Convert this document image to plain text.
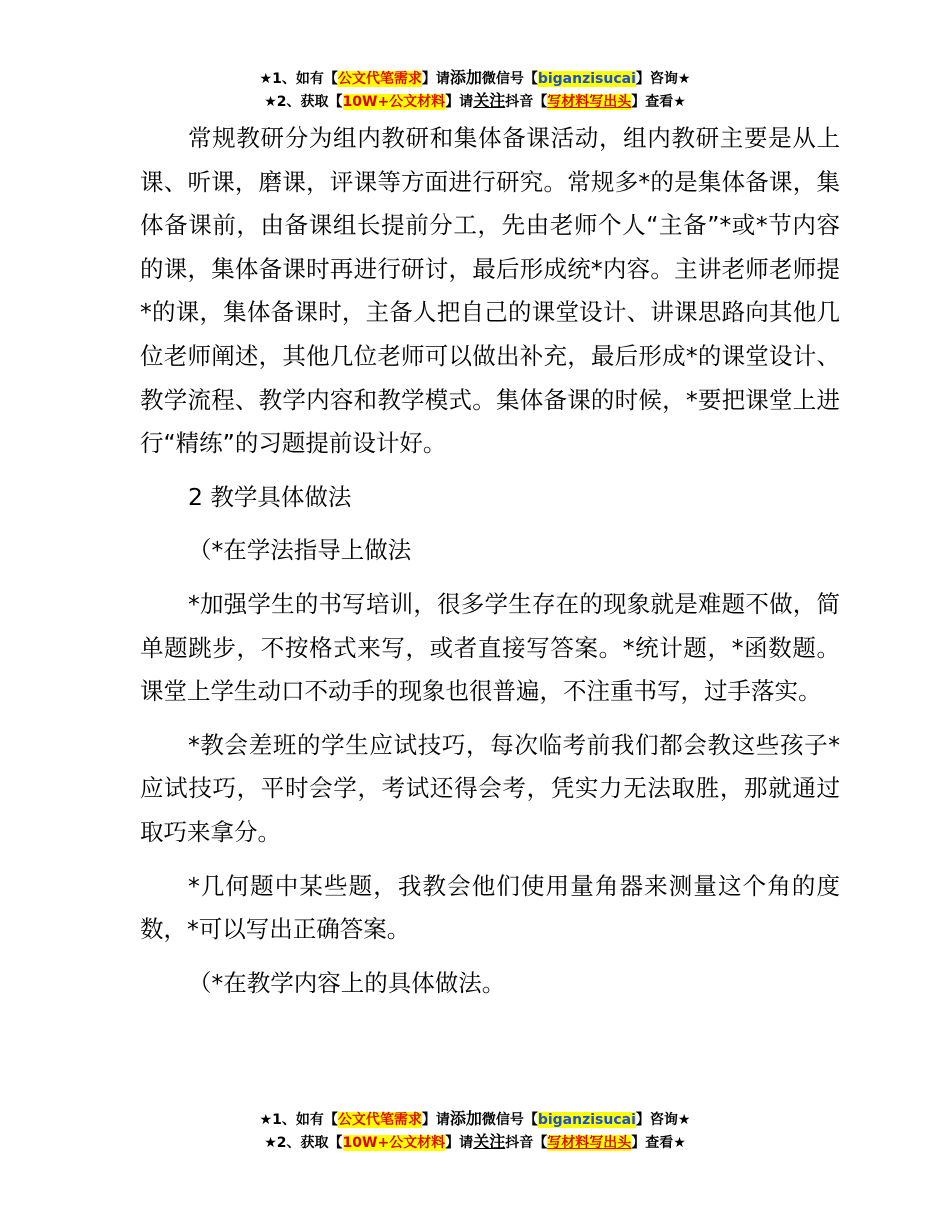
★1、如有【公文代笔需求】请添加微信号【biganzisucai】咨询★
★2、获取【10W+公文材料】请关注抖音【写材料写出头】查看★

常规教研分为组内教研和集体备课活动，组内教研主要是从上课、听课，磨课，评课等方面进行研究。常规多*的是集体备课，集体备课前，由备课组长提前分工，先由老师个人“主备”*或*节内容的课，集体备课时再进行研讨，最后形成统*内容。主讲老师老师提*的课，集体备课时，主备人把自己的课堂设计、讲课思路向其他几位老师阐述，其他几位老师可以做出补充，最后形成*的课堂设计、教学流程、教学内容和教学模式。集体备课的时候，*要把课堂上进行“精练”的习题提前设计好。

2 教学具体做法

（*在学法指导上做法

*加强学生的书写培训，很多学生存在的现象就是难题不做，简单题跳步，不按格式来写，或者直接写答案。*统计题，*函数题。课堂上学生动口不动手的现象也很普遍，不注重书写，过手落实。

*教会差班的学生应试技巧，每次临考前我们都会教这些孩子*应试技巧，平时会学，考试还得会考，凭实力无法取胜，那就通过取巧来拿分。

*几何题中某些题，我教会他们使用量角器来测量这个角的度数，*可以写出正确答案。

（*在教学内容上的具体做法。

★1、如有【公文代笔需求】请添加微信号【biganzisucai】咨询★
★2、获取【10W+公文材料】请关注抖音【写材料写出头】查看★
